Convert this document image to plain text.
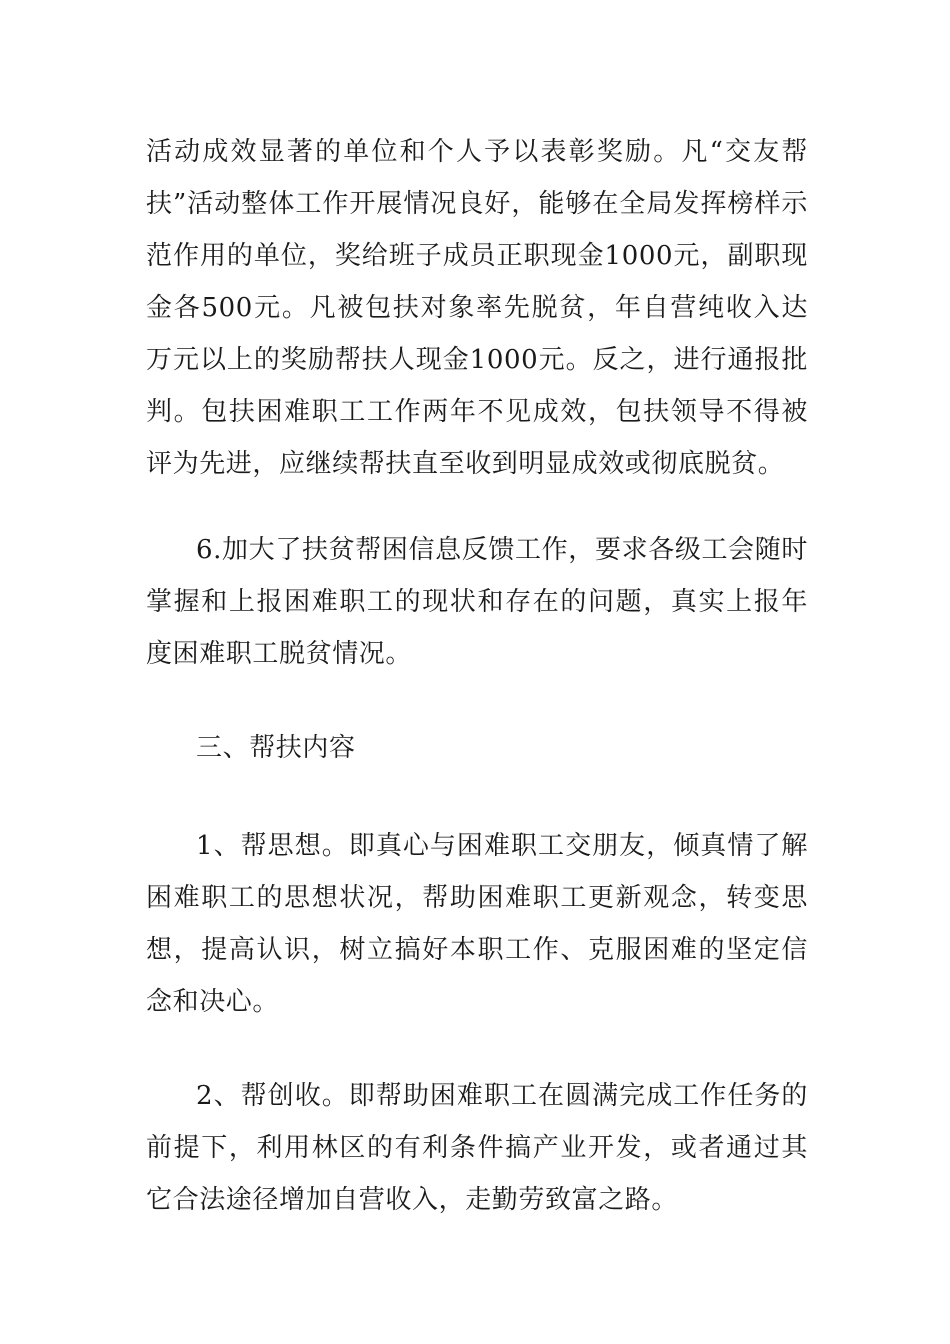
活动成效显著的单位和个人予以表彰奖励。凡“交友帮扶”活动整体工作开展情况良好，能够在全局发挥榜样示范作用的单位，奖给班子成员正职现金1000元，副职现金各500元。凡被包扶对象率先脱贫，年自营纯收入达万元以上的奖励帮扶人现金1000元。反之，进行通报批判。包扶困难职工工作两年不见成效，包扶领导不得被评为先进，应继续帮扶直至收到明显成效或彻底脱贫。

6.加大了扶贫帮困信息反馈工作，要求各级工会随时掌握和上报困难职工的现状和存在的问题，真实上报年度困难职工脱贫情况。

三、帮扶内容

1、帮思想。即真心与困难职工交朋友，倾真情了解困难职工的思想状况，帮助困难职工更新观念，转变思想，提高认识，树立搞好本职工作、克服困难的坚定信念和决心。

2、帮创收。即帮助困难职工在圆满完成工作任务的前提下，利用林区的有利条件搞产业开发，或者通过其它合法途径增加自营收入，走勤劳致富之路。
